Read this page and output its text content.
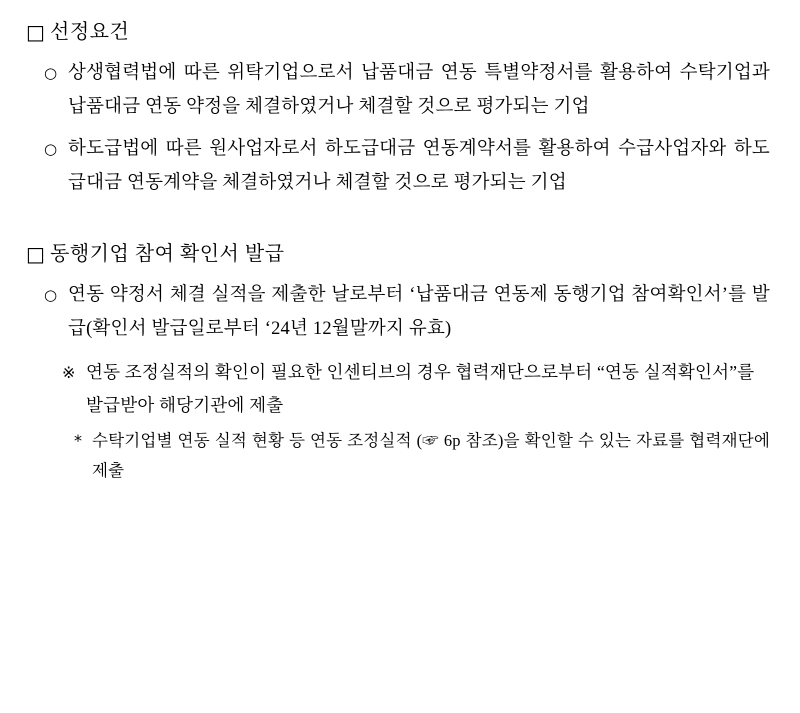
□ 선정요건
○ 상생협력법에 따른 위탁기업으로서 납품대금 연동 특별약정서를 활용하여 수탁기업과 납품대금 연동 약정을 체결하였거나 체결할 것으로 평가되는 기업
○ 하도급법에 따른 원사업자로서 하도급대금 연동계약서를 활용하여 수급사업자와 하도급대금 연동계약을 체결하였거나 체결할 것으로 평가되는 기업
□ 동행기업 참여 확인서 발급
○ 연동 약정서 체결 실적을 제출한 날로부터 ‘납품대금 연동제 동행기업 참여확인서’를 발급(확인서 발급일로부터 ‘24년 12월말까지 유효)
※ 연동 조정실적의 확인이 필요한 인센티브의 경우 협력재단으로부터 “연동 실적확인서”를 발급받아 해당기관에 제출
* 수탁기업별 연동 실적 현황 등 연동 조정실적 (☞ 6p 참조)을 확인할 수 있는 자료를 협력재단에 제출
